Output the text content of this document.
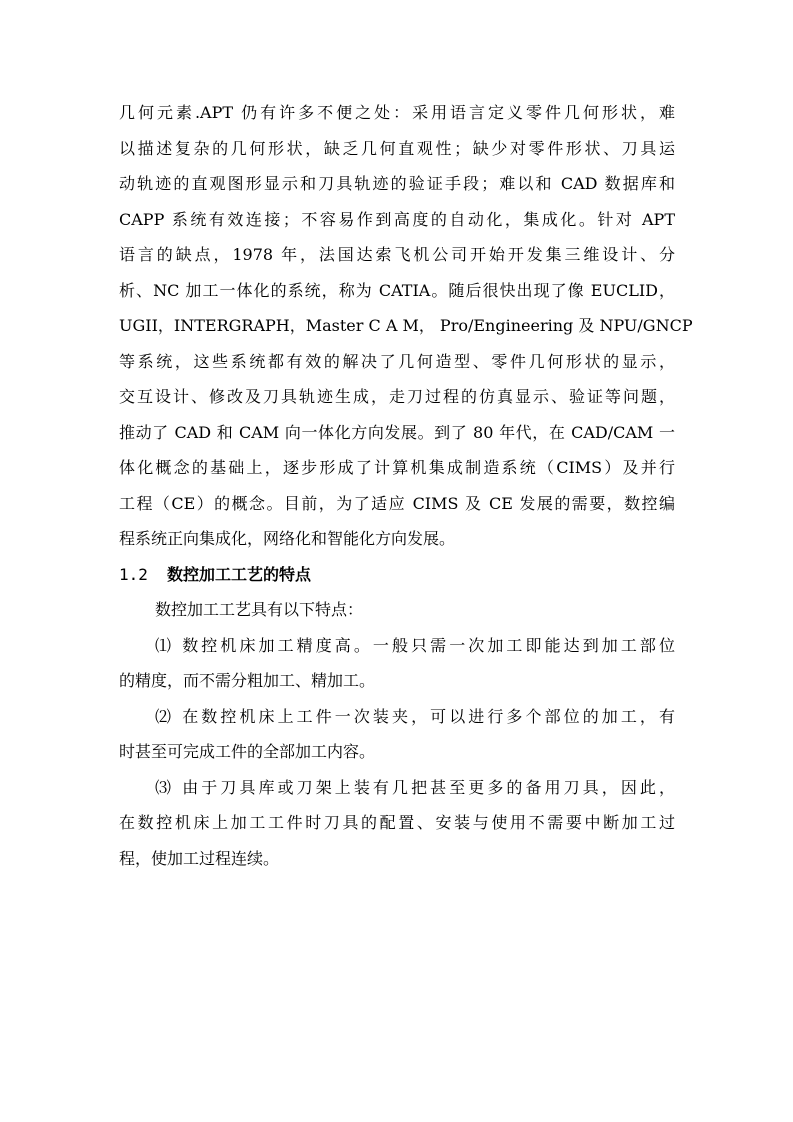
几何元素.APT 仍有许多不便之处：采用语言定义零件几何形状，难
以描述复杂的几何形状，缺乏几何直观性；缺少对零件形状、刀具运
动轨迹的直观图形显示和刀具轨迹的验证手段；难以和 CAD 数据库和
CAPP 系统有效连接；不容易作到高度的自动化，集成化。针对 APT
语言的缺点，1978 年，法国达索飞机公司开始开发集三维设计、分
析、NC 加工一体化的系统，称为 CATIA。随后很快出现了像 EUCLID，
UGII，INTERGRAPH，Master C A M， Pro/Engineering 及 NPU/GNCP
等系统，这些系统都有效的解决了几何造型、零件几何形状的显示，
交互设计、修改及刀具轨迹生成，走刀过程的仿真显示、验证等问题，
推动了 CAD 和 CAM 向一体化方向发展。到了 80 年代，在 CAD/CAM 一
体化概念的基础上，逐步形成了计算机集成制造系统（CIMS）及并行
工程（CE）的概念。目前，为了适应 CIMS 及 CE 发展的需要，数控编
程系统正向集成化，网络化和智能化方向发展。
1.2 数控加工工艺的特点
数控加工工艺具有以下特点：
⑴ 数控机床加工精度高。一般只需一次加工即能达到加工部位
的精度，而不需分粗加工、精加工。
⑵ 在数控机床上工件一次装夹，可以进行多个部位的加工，有
时甚至可完成工件的全部加工内容。
⑶ 由于刀具库或刀架上装有几把甚至更多的备用刀具，因此，
在数控机床上加工工件时刀具的配置、安装与使用不需要中断加工过
程，使加工过程连续。
